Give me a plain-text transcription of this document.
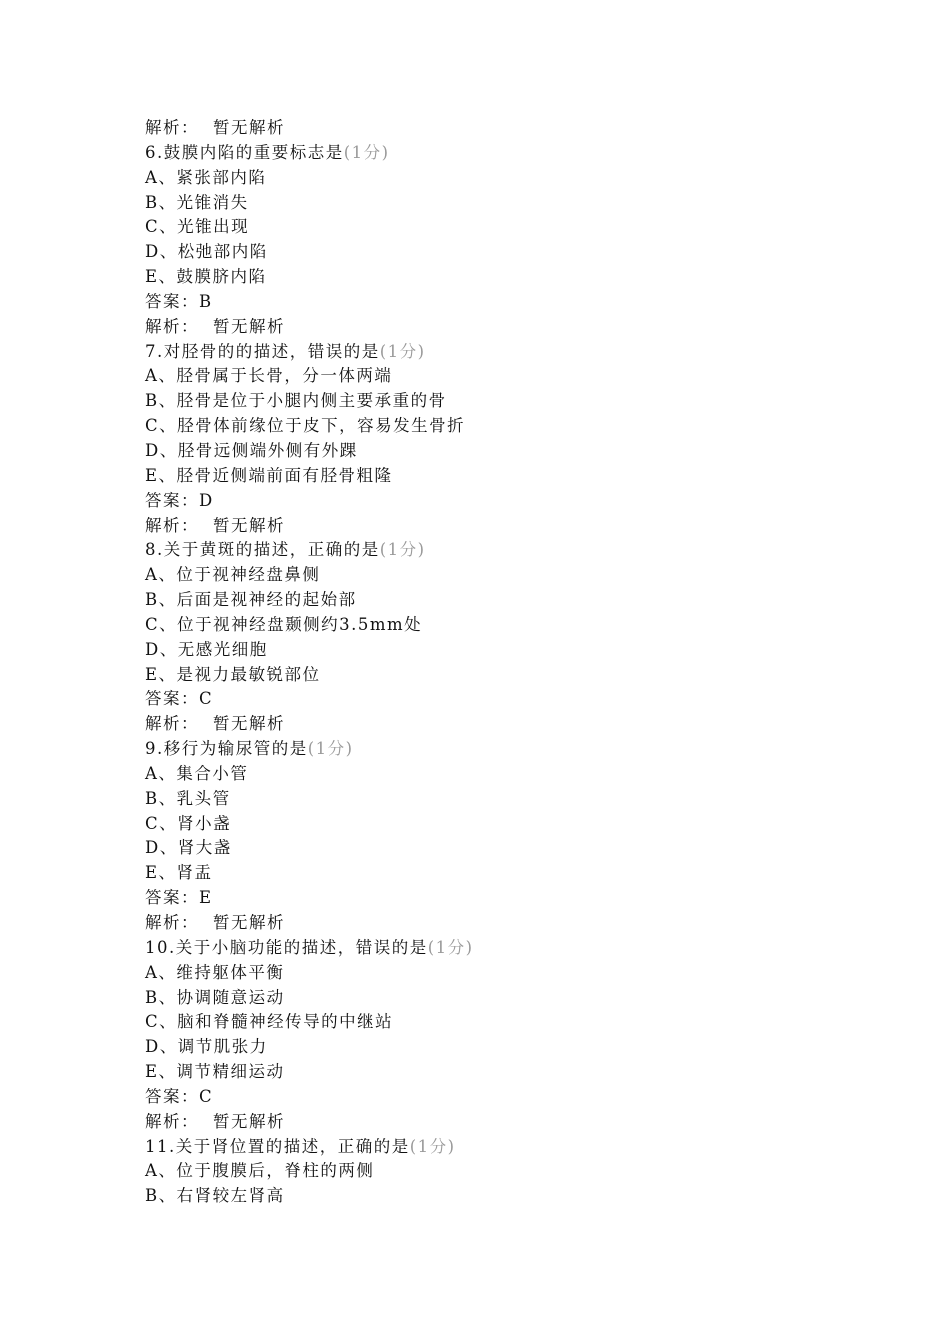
解析： 暂无解析
6.鼓膜内陷的重要标志是(1分)
A、紧张部内陷
B、光锥消失
C、光锥出现
D、松弛部内陷
E、鼓膜脐内陷
答案：B
解析： 暂无解析
7.对胫骨的的描述，错误的是(1分)
A、胫骨属于长骨，分一体两端
B、胫骨是位于小腿内侧主要承重的骨
C、胫骨体前缘位于皮下，容易发生骨折
D、胫骨远侧端外侧有外踝
E、胫骨近侧端前面有胫骨粗隆
答案：D
解析： 暂无解析
8.关于黄斑的描述，正确的是(1分)
A、位于视神经盘鼻侧
B、后面是视神经的起始部
C、位于视神经盘颞侧约3.5mm处
D、无感光细胞
E、是视力最敏锐部位
答案：C
解析： 暂无解析
9.移行为输尿管的是(1分)
A、集合小管
B、乳头管
C、肾小盏
D、肾大盏
E、肾盂
答案：E
解析： 暂无解析
10.关于小脑功能的描述，错误的是(1分)
A、维持躯体平衡
B、协调随意运动
C、脑和脊髓神经传导的中继站
D、调节肌张力
E、调节精细运动
答案：C
解析： 暂无解析
11.关于肾位置的描述，正确的是(1分)
A、位于腹膜后，脊柱的两侧
B、右肾较左肾高
